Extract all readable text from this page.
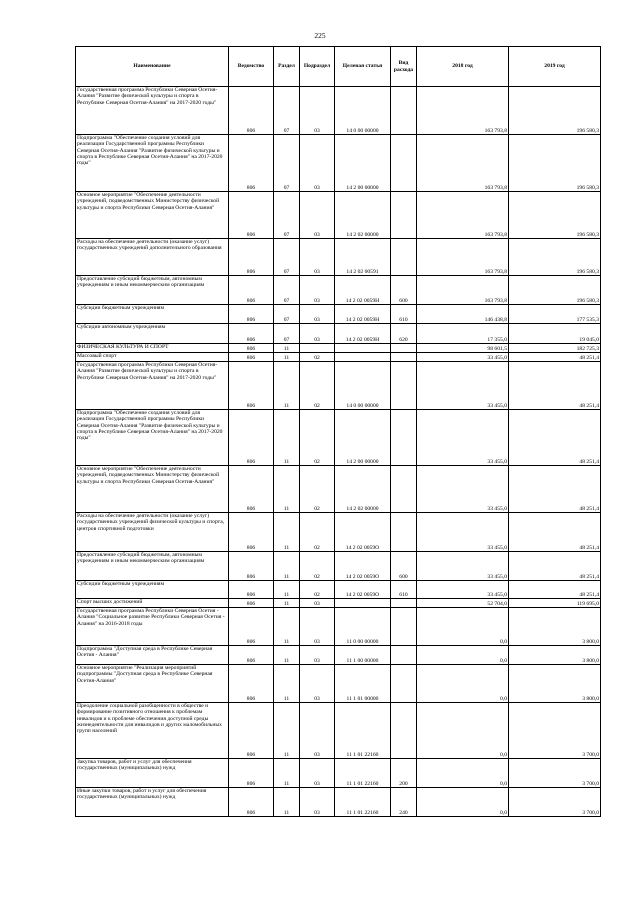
225
Наименование	Ведомство	Раздел	Подраздел	Целевая статья	Вид расхода	2018 год	2019 год
Государственная программа Республики Северная Осетия-Алания "Развитие физической культуры и спорта в Республике Северная Осетия-Алания" на 2017-2020 годы"	806	07	03	14 0 00 00000		163 793,8	196 580,3
Подпрограмма "Обеспечение создания условий для реализации Государственной программы Республики Северная Осетия-Алания "Развитие физической культуры и спорта в Республике Северная Осетия-Алания" на 2017-2020 годы"	806	07	03	14 2 00 00000		163 793,8	196 580,3
Основное мероприятие "Обеспечение деятельности учреждений, подведомственных Министерству физической культуры и спорта Республики Северная Осетия-Алания"	806	07	03	14 2 02 00000		163 793,8	196 580,3
Расходы на обеспечение деятельности (оказание услуг) государственных учреждений дополнительного образования	806	07	03	14 2 02 00591		163 793,8	196 580,3
Предоставление субсидий бюджетным, автономным учреждениям и иным некоммерческим организациям	806	07	03	14 2 02 0059Н	600	163 793,8	196 580,3
Субсидии бюджетным учреждениям	806	07	03	14 2 02 0059Н	610	146 438,8	177 535,3
Субсидии автономным учреждениям	806	07	03	14 2 02 0059Н	620	17 355,0	19 045,0
ФИЗИЧЕСКАЯ КУЛЬТУРА И СПОРТ	806	11				98 601,5	182 725,3
Массовый спорт	806	11	02			33 455,0	48 251,4
Государственная программа Республики Северная Осетия-Алания "Развитие физической культуры и спорта в Республике Северная Осетия-Алания" на 2017-2020 годы"	806	11	02	14 0 00 00000		33 455,0	48 251,4
Подпрограмма "Обеспечение создания условий для реализации Государственной программы Республики Северная Осетия-Алания "Развитие физической культуры и спорта в Республике Северная Осетия-Алания" на 2017-2020 годы"	806	11	02	14 2 00 00000		33 455,0	48 251,4
Основное мероприятие "Обеспечение деятельности учреждений, подведомственных Министерству физической культуры и спорта Республики Северная Осетия-Алания"	806	11	02	14 2 02 00000		33 455,0	48 251,4
Расходы на обеспечение деятельности (оказание услуг) государственных учреждений физической культуры и спорта, центров спортивной подготовки	806	11	02	14 2 02 0059О		33 455,0	48 251,4
Предоставление субсидий бюджетным, автономным учреждениям и иным некоммерческим организациям	806	11	02	14 2 02 0059О	600	33 455,0	48 251,4
Субсидии бюджетным учреждениям	806	11	02	14 2 02 0059О	610	33 455,0	48 251,4
Спорт высших достижений	806	11	03			52 704,0	119 695,0
Государственная программа Республики Северная Осетия - Алания "Социальное развитие Республики Северная Осетия - Алания" на 2016-2018 годы	806	11	03	11 0 00 00000		0,0	3 800,0
Подпрограмма "Доступная среда в Республике Северная Осетия - Алания"	806	11	03	11 1 00 00000		0,0	3 800,0
Основное мероприятие "Реализация мероприятий подпрограммы "Доступная среда в Республике Северная Осетия-Алания"	806	11	03	11 1 01 00000		0,0	3 800,0
Преодоление социальной разобщенности в обществе и формирование позитивного отношения к проблемам инвалидов и к проблеме обеспечения доступной среды жизнедеятельности для инвалидов и других маломобильных групп населений	806	11	03	11 1 01 22160		0,0	3 700,0
Закупка товаров, работ и услуг для обеспечения государственных (муниципальных) нужд	806	11	03	11 1 01 22160	200	0,0	3 700,0
Иные закупки товаров, работ и услуг для обеспечения государственных (муниципальных) нужд	806	11	03	11 1 01 22160	240	0,0	3 700,0
